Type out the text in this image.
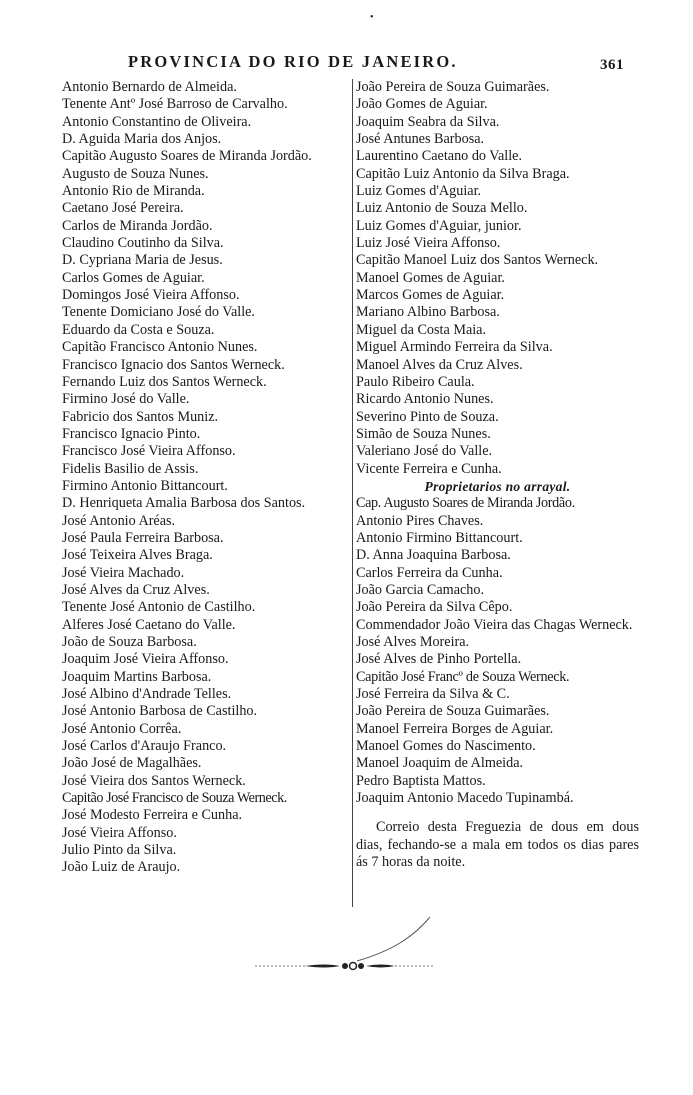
•
PROVINCIA DO RIO DE JANEIRO.	361
Antonio Bernardo de Almeida.
Tenente Antº José Barroso de Carvalho.
Antonio Constantino de Oliveira.
D. Aguida Maria dos Anjos.
Capitão Augusto Soares de Miranda Jordão.
Augusto de Souza Nunes.
Antonio Rio de Miranda.
Caetano José Pereira.
Carlos de Miranda Jordão.
Claudino Coutinho da Silva.
D. Cypriana Maria de Jesus.
Carlos Gomes de Aguiar.
Domingos José Vieira Affonso.
Tenente Domiciano José do Valle.
Eduardo da Costa e Souza.
Capitão Francisco Antonio Nunes.
Francisco Ignacio dos Santos Werneck.
Fernando Luiz dos Santos Werneck.
Firmino José do Valle.
Fabricio dos Santos Muniz.
Francisco Ignacio Pinto.
Francisco José Vieira Affonso.
Fidelis Basilio de Assis.
Firmino Antonio Bittancourt.
D. Henriqueta Amalia Barbosa dos Santos.
José Antonio Aréas.
José Paula Ferreira Barbosa.
José Teixeira Alves Braga.
José Vieira Machado.
José Alves da Cruz Alves.
Tenente José Antonio de Castilho.
Alferes José Caetano do Valle.
João de Souza Barbosa.
Joaquim José Vieira Affonso.
Joaquim Martins Barbosa.
José Albino d'Andrade Telles.
José Antonio Barbosa de Castilho.
José Antonio Corrêa.
José Carlos d'Araujo Franco.
João José de Magalhães.
José Vieira dos Santos Werneck.
Capitão José Francisco de Souza Werneck.
José Modesto Ferreira e Cunha.
José Vieira Affonso.
Julio Pinto da Silva.
João Luiz de Araujo.
João Pereira de Souza Guimarães.
João Gomes de Aguiar.
Joaquim Seabra da Silva.
José Antunes Barbosa.
Laurentino Caetano do Valle.
Capitão Luiz Antonio da Silva Braga.
Luiz Gomes d'Aguiar.
Luiz Antonio de Souza Mello.
Luiz Gomes d'Aguiar, junior.
Luiz José Vieira Affonso.
Capitão Manoel Luiz dos Santos Werneck.
Manoel Gomes de Aguiar.
Marcos Gomes de Aguiar.
Mariano Albino Barbosa.
Miguel da Costa Maia.
Miguel Armindo Ferreira da Silva.
Manoel Alves da Cruz Alves.
Paulo Ribeiro Caula.
Ricardo Antonio Nunes.
Severino Pinto de Souza.
Simão de Souza Nunes.
Valeriano José do Valle.
Vicente Ferreira e Cunha.
Proprietarios no arrayal.
Cap. Augusto Soares de Miranda Jordão.
Antonio Pires Chaves.
Antonio Firmino Bittancourt.
D. Anna Joaquina Barbosa.
Carlos Ferreira da Cunha.
João Garcia Camacho.
João Pereira da Silva Cêpo.
Commendador João Vieira das Chagas Werneck.
José Alves Moreira.
José Alves de Pinho Portella.
Capitão José Francº de Souza Werneck.
José Ferreira da Silva & C.
João Pereira de Souza Guimarães.
Manoel Ferreira Borges de Aguiar.
Manoel Gomes do Nascimento.
Manoel Joaquim de Almeida.
Pedro Baptista Mattos.
Joaquim Antonio Macedo Tupinambá.

Correio desta Freguezia de dous em dous dias, fechando-se a mala em todos os dias pares ás 7 horas da noite.
